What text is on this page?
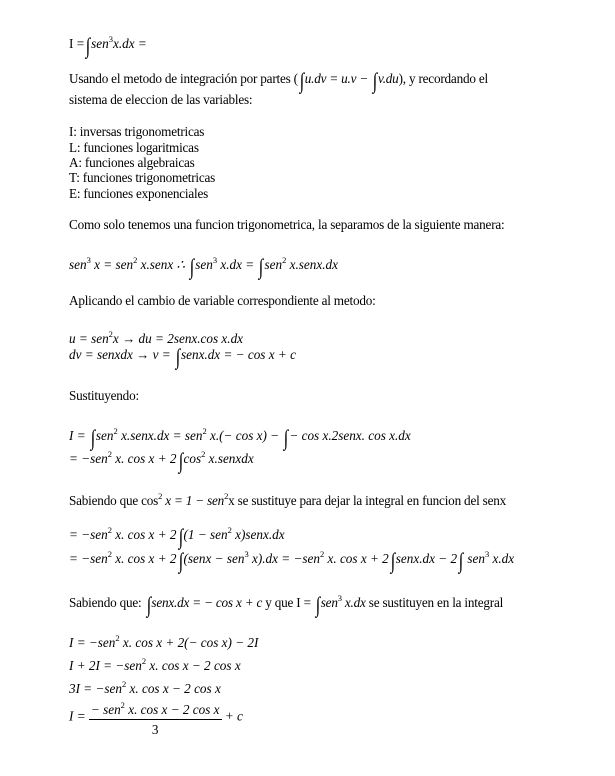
I =∫sen$^3$x.dx =
Usando el metodo de integración por partes (∫u.dv = u.v − ∫v.du), y recordando el
sistema de eleccion de las variables:
I: inversas trigonometricas
L: funciones logaritmicas
A: funciones algebraicas
T: funciones trigonometricas
E: funciones exponenciales
Como solo tenemos una funcion trigonometrica, la separamos de la siguiente manera:
sen$^3$ x = sen$^2$ x.senx ∴ ∫sen$^3$ x.dx = ∫sen$^2$ x.senx.dx
Aplicando el cambio de variable correspondiente al metodo:
u = sen$^2$x → du = 2senx.cos x.dx
dv = senxdx → v = ∫senx.dx = − cos x + c
Sustituyendo:
I = ∫sen$^2$ x.senx.dx = sen$^2$ x.(− cos x) − ∫− cos x.2senx. cos x.dx
= −sen$^2$ x. $\cos x + 2\int\cos^2$ x.senxdx
Sabiendo que $\cos^2 x = 1 - sen^2x$ se sustituye para dejar la integral en funcion del senx
= −sen$^2$ x. cos x + 2∫(1 − sen$^2$ x)senx.dx
= −sen$^2$ x. cos x + 2∫(senx − sen$^3$ x).dx = −sen$^2$ x. cos x + 2∫senx.dx − 2∫ sen$^3$ x.dx
Sabiendo que: ∫senx.dx = − cos x + c y que I = ∫sen$^3$ x.dx se sustituyen en la integral
I = −sen$^2$ x. cos x + 2(− cos x) − 2I
I + 2I = −sen$^2$ x. cos x − 2 cos x
3I = −sen$^2$ x. cos x − 2 cos x
$I = \frac{- sen^2 x. \cos x - 2 \cos x}{3} + c$
